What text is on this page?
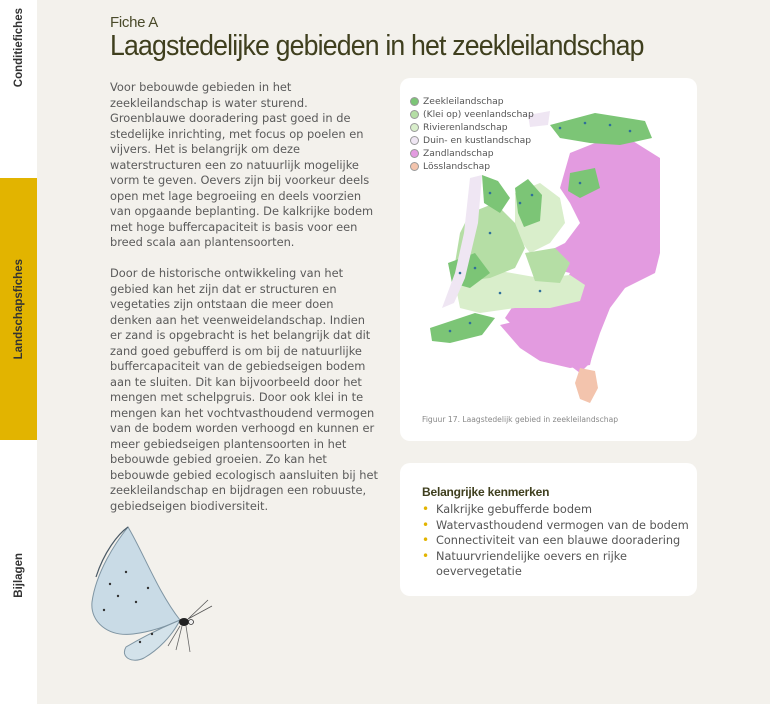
Conditiefiches
Landschapsfiches
Bijlagen
Fiche A
Laagstedelijke gebieden in het zeekleilandschap

Voor bebouwde gebieden in het zeekleilandschap is water sturend. Groenblauwe dooradering past goed in de stedelijke inrichting, met focus op poelen en vijvers. Het is belangrijk om deze waterstructuren een zo natuurlijk mogelijke vorm te geven. Oevers zijn bij voorkeur deels open met lage begroeiing en deels voorzien van opgaande beplanting. De kalkrijke bodem met hoge buffercapaciteit is basis voor een breed scala aan plantensoorten.

Door de historische ontwikkeling van het gebied kan het zijn dat er structuren en vegetaties zijn ontstaan die meer doen denken aan het veenweidelandschap. Indien er zand is opgebracht is het belangrijk dat dit zand goed gebufferd is om bij de natuurlijke buffercapaciteit van de gebiedseigen bodem aan te sluiten. Dit kan bijvoorbeeld door het mengen met schelpgruis. Door ook klei in te mengen kan het vochtvasthoudend vermogen van de bodem worden verhoogd en kunnen er meer gebiedseigen plantensoorten in het bebouwde gebied groeien. Zo kan het bebouwde gebied ecologisch aansluiten bij het zeekleilandschap en bijdragen een robuuste, gebiedseigen biodiversiteit.

Zeekleilandschap
(Klei op) veenlandschap
Rivierenlandschap
Duin- en kustlandschap
Zandlandschap
Lösslandschap
Figuur 17. Laagstedelijk gebied in zeekleilandschap
Belangrijke kenmerken
• Kalkrijke gebufferde bodem
• Watervasthoudend vermogen van de bodem
• Connectiviteit van een blauwe dooradering
• Natuurvriendelijke oevers en rijke oevervegetatie
